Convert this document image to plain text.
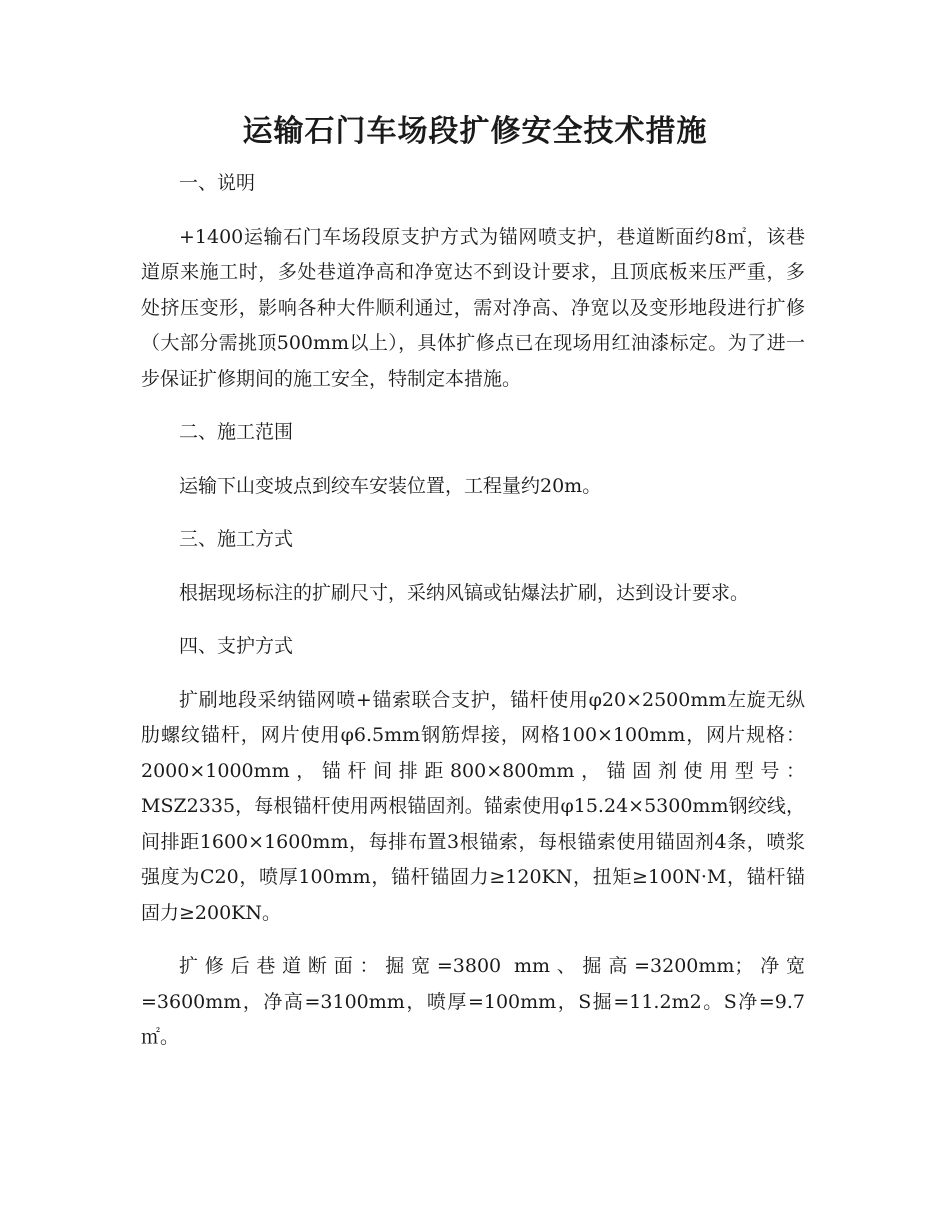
运输石门车场段扩修安全技术措施

一、说明

+1400运输石门车场段原支护方式为锚网喷支护，巷道断面约8㎡，该巷道原来施工时，多处巷道净高和净宽达不到设计要求，且顶底板来压严重，多处挤压变形，影响各种大件顺利通过，需对净高、净宽以及变形地段进行扩修（大部分需挑顶500mm以上），具体扩修点已在现场用红油漆标定。为了进一步保证扩修期间的施工安全，特制定本措施。

二、施工范围

运输下山变坡点到绞车安装位置，工程量约20m。

三、施工方式

根据现场标注的扩刷尺寸，采纳风镐或钻爆法扩刷，达到设计要求。

四、支护方式

扩刷地段采纳锚网喷+锚索联合支护，锚杆使用φ20×2500mm左旋无纵肋螺纹锚杆，网片使用φ6.5mm钢筋焊接，网格100×100mm，网片规格：2000×1000mm，锚杆间排距800×800mm，锚固剂使用型号：MSZ2335，每根锚杆使用两根锚固剂。锚索使用φ15.24×5300mm钢绞线，间排距1600×1600mm，每排布置3根锚索，每根锚索使用锚固剂4条，喷浆强度为C20，喷厚100mm，锚杆锚固力≥120KN，扭矩≥100N·M，锚杆锚固力≥200KN。

扩修后巷道断面：掘宽=3800 mm、掘高=3200mm；净宽=3600mm，净高=3100mm，喷厚=100mm，S掘=11.2m2。S净=9.7㎡。
